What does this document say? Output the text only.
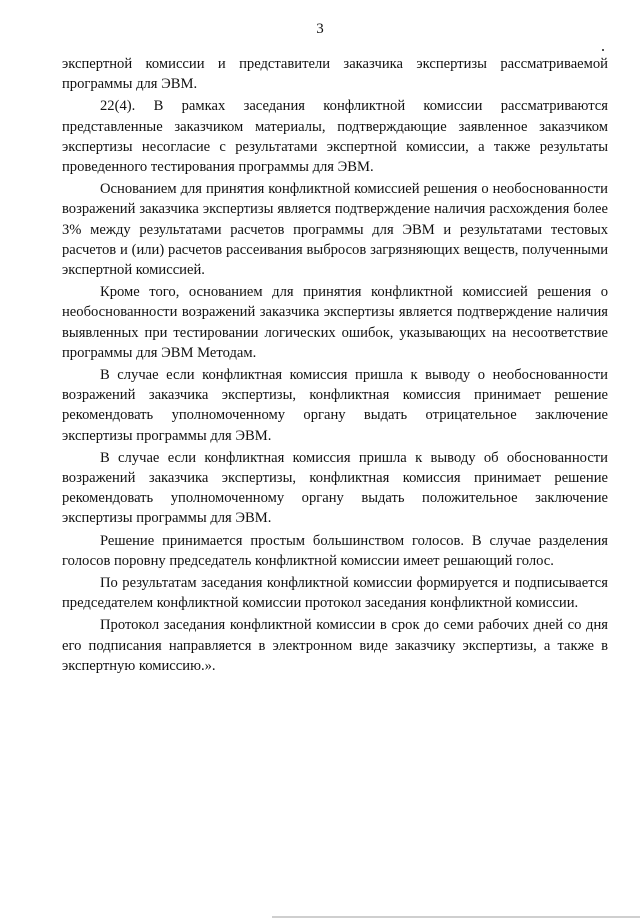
3

экспертной комиссии и представители заказчика экспертизы рассматриваемой программы для ЭВМ.

22(4). В рамках заседания конфликтной комиссии рассматриваются представленные заказчиком материалы, подтверждающие заявленное заказчиком экспертизы несогласие с результатами экспертной комиссии, а также результаты проведенного тестирования программы для ЭВМ.

Основанием для принятия конфликтной комиссией решения о необоснованности возражений заказчика экспертизы является подтверждение наличия расхождения более 3% между результатами расчетов программы для ЭВМ и результатами тестовых расчетов и (или) расчетов рассеивания выбросов загрязняющих веществ, полученными экспертной комиссией.

Кроме того, основанием для принятия конфликтной комиссией решения о необоснованности возражений заказчика экспертизы является подтверждение наличия выявленных при тестировании логических ошибок, указывающих на несоответствие программы для ЭВМ Методам.

В случае если конфликтная комиссия пришла к выводу о необоснованности возражений заказчика экспертизы, конфликтная комиссия принимает решение рекомендовать уполномоченному органу выдать отрицательное заключение экспертизы программы для ЭВМ.

В случае если конфликтная комиссия пришла к выводу об обоснованности возражений заказчика экспертизы, конфликтная комиссия принимает решение рекомендовать уполномоченному органу выдать положительное заключение экспертизы программы для ЭВМ.

Решение принимается простым большинством голосов. В случае разделения голосов поровну председатель конфликтной комиссии имеет решающий голос.

По результатам заседания конфликтной комиссии формируется и подписывается председателем конфликтной комиссии протокол заседания конфликтной комиссии.

Протокол заседания конфликтной комиссии в срок до семи рабочих дней со дня его подписания направляется в электронном виде заказчику экспертизы, а также в экспертную комиссию.».
